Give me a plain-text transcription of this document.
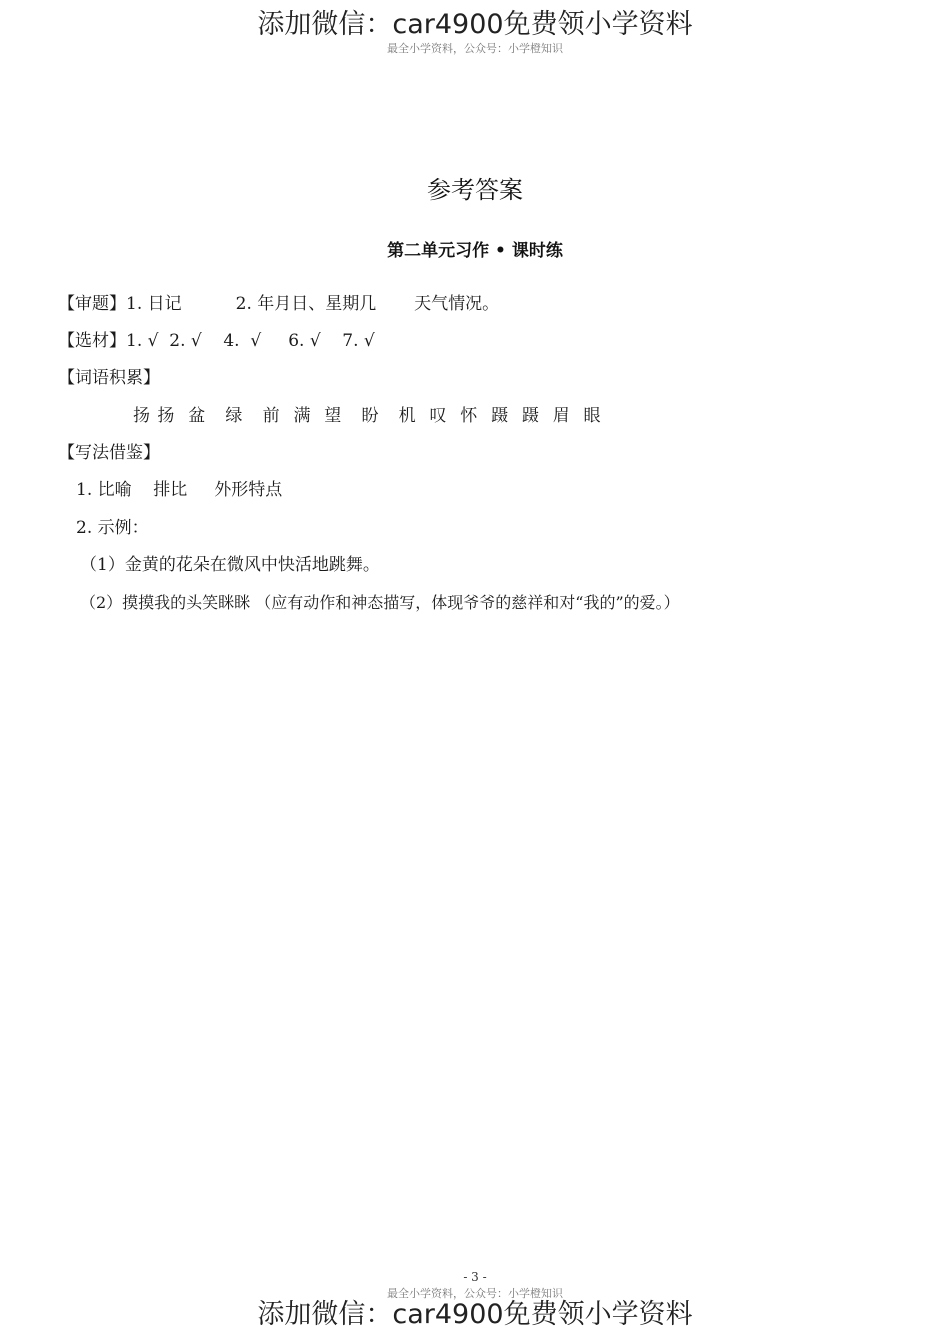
添加微信：car4900免费领小学资料
最全小学资料，公众号：小学橙知识
参考答案
第二单元习作 • 课时练
【审题】1. 日记          2. 年月日、星期几       天气情况。
【选材】1. √  2. √    4.  √     6. √    7. √
【词语积累】
扬 扬  盆   绿   前  满  望   盼   机  叹  怀  蹑  蹑  眉  眼
【写法借鉴】
1. 比喻    排比     外形特点
2. 示例：
（1）金黄的花朵在微风中快活地跳舞。
（2）摸摸我的头笑眯眯 （应有动作和神态描写，体现爷爷的慈祥和对“我的”的爱。）
- 3 -
最全小学资料，公众号：小学橙知识
添加微信：car4900免费领小学资料
